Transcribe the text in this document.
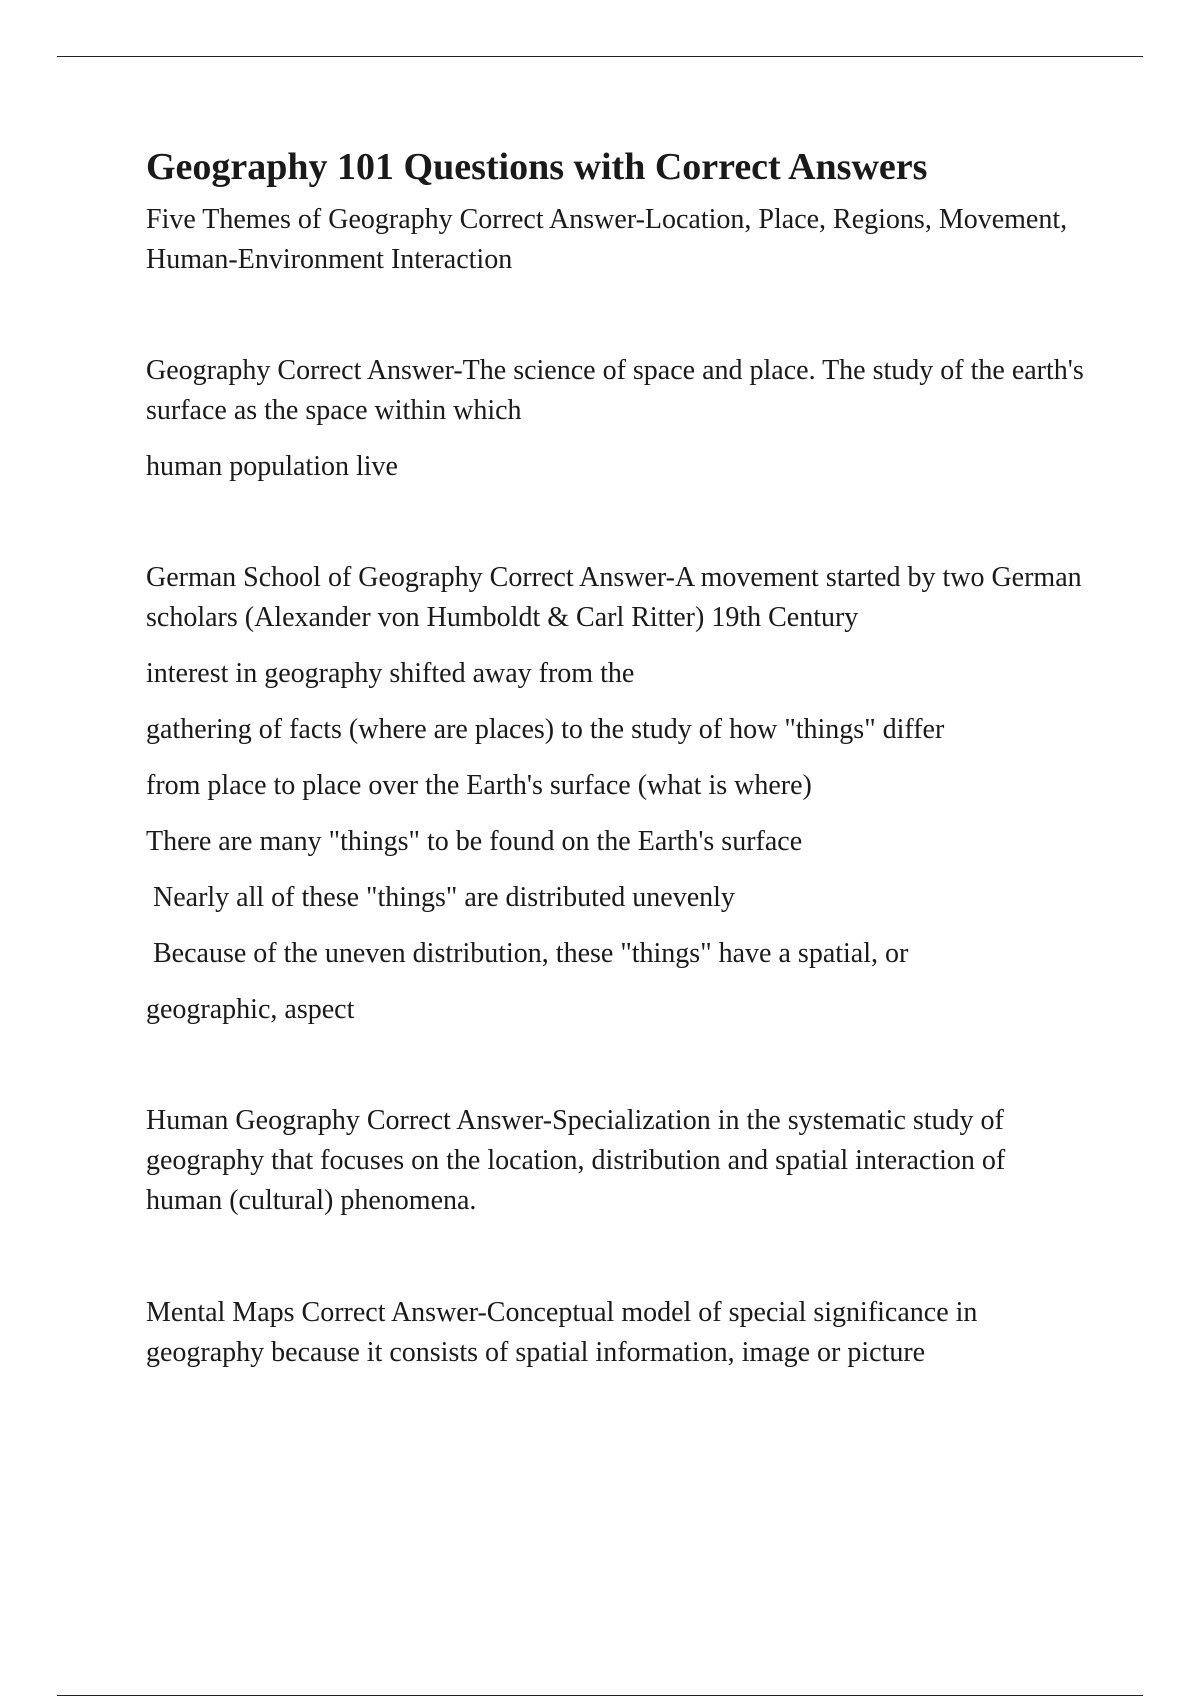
Geography 101 Questions with Correct Answers

Five Themes of Geography Correct Answer-Location, Place, Regions, Movement, Human-Environment Interaction

Geography Correct Answer-The science of space and place. The study of the earth's surface as the space within which

human population live

German School of Geography Correct Answer-A movement started by two German scholars (Alexander von Humboldt & Carl Ritter) 19th Century

interest in geography shifted away from the

gathering of facts (where are places) to the study of how "things" differ

from place to place over the Earth's surface (what is where)

There are many "things" to be found on the Earth's surface

Nearly all of these "things" are distributed unevenly

Because of the uneven distribution, these "things" have a spatial, or

geographic, aspect

Human Geography Correct Answer-Specialization in the systematic study of geography that focuses on the location, distribution and spatial interaction of human (cultural) phenomena.

Mental Maps Correct Answer-Conceptual model of special significance in geography because it consists of spatial information, image or picture
